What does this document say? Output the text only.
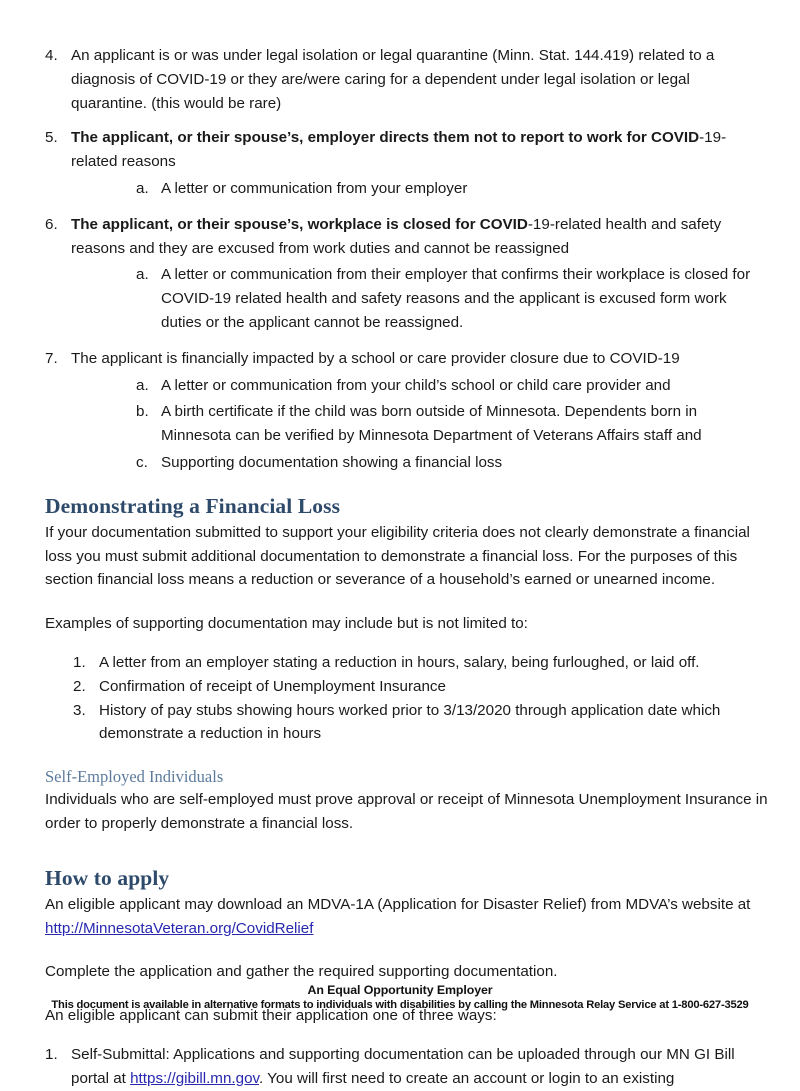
4. An applicant is or was under legal isolation or legal quarantine (Minn. Stat. 144.419) related to a diagnosis of COVID-19 or they are/were caring for a dependent under legal isolation or legal quarantine. (this would be rare)
5. The applicant, or their spouse’s, employer directs them not to report to work for COVID-19-related reasons
a. A letter or communication from your employer
6. The applicant, or their spouse’s, workplace is closed for COVID-19-related health and safety reasons and they are excused from work duties and cannot be reassigned
a. A letter or communication from their employer that confirms their workplace is closed for COVID-19 related health and safety reasons and the applicant is excused form work duties or the applicant cannot be reassigned.
7. The applicant is financially impacted by a school or care provider closure due to COVID-19
a. A letter or communication from your child’s school or child care provider and
b. A birth certificate if the child was born outside of Minnesota. Dependents born in Minnesota can be verified by Minnesota Department of Veterans Affairs staff and
c. Supporting documentation showing a financial loss
Demonstrating a Financial Loss

If your documentation submitted to support your eligibility criteria does not clearly demonstrate a financial loss you must submit additional documentation to demonstrate a financial loss. For the purposes of this section financial loss means a reduction or severance of a household’s earned or unearned income.

Examples of supporting documentation may include but is not limited to:

1. A letter from an employer stating a reduction in hours, salary, being furloughed, or laid off.
2. Confirmation of receipt of Unemployment Insurance
3. History of pay stubs showing hours worked prior to 3/13/2020 through application date which demonstrate a reduction in hours
Self-Employed Individuals

Individuals who are self-employed must prove approval or receipt of Minnesota Unemployment Insurance in order to properly demonstrate a financial loss.

How to apply

An eligible applicant may download an MDVA-1A (Application for Disaster Relief) from MDVA’s website at http://MinnesotaVeteran.org/CovidRelief

Complete the application and gather the required supporting documentation.

An eligible applicant can submit their application one of three ways:

1. Self-Submittal: Applications and supporting documentation can be uploaded through our MN GI Bill portal at https://gibill.mn.gov. You will first need to create an account or login to an existing
An Equal Opportunity Employer
This document is available in alternative formats to individuals with disabilities by calling the Minnesota Relay Service at 1-800-627-3529
